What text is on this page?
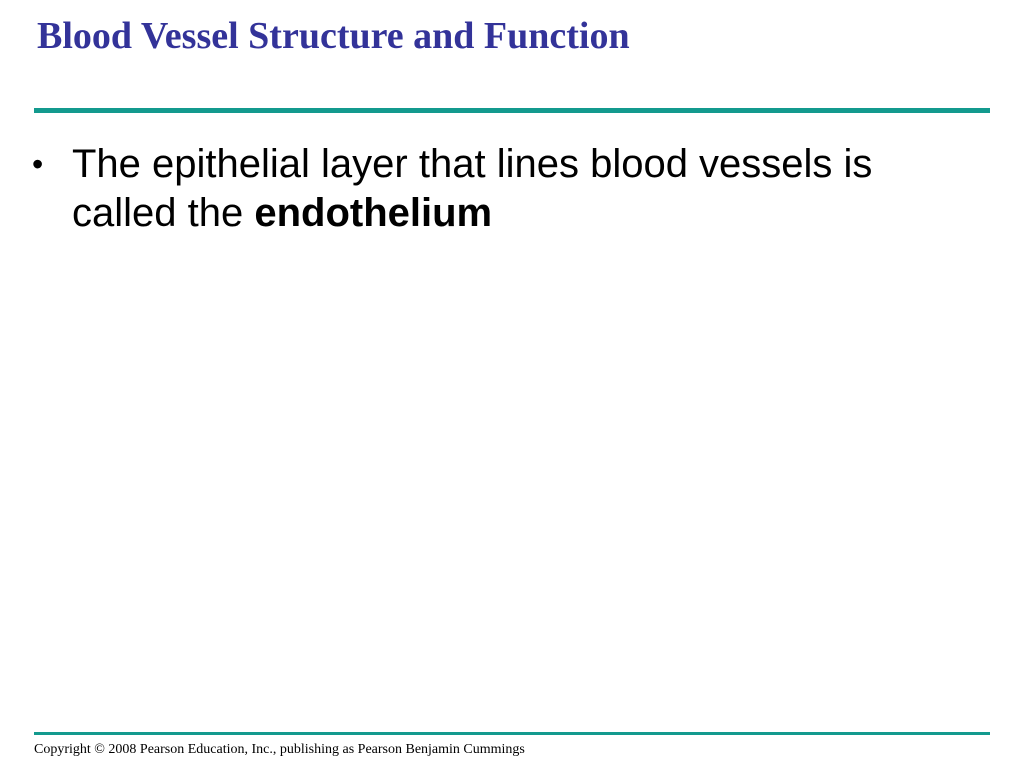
Blood Vessel Structure and Function
• The epithelial layer that lines blood vessels is called the endothelium
Copyright © 2008 Pearson Education, Inc., publishing as Pearson Benjamin Cummings
